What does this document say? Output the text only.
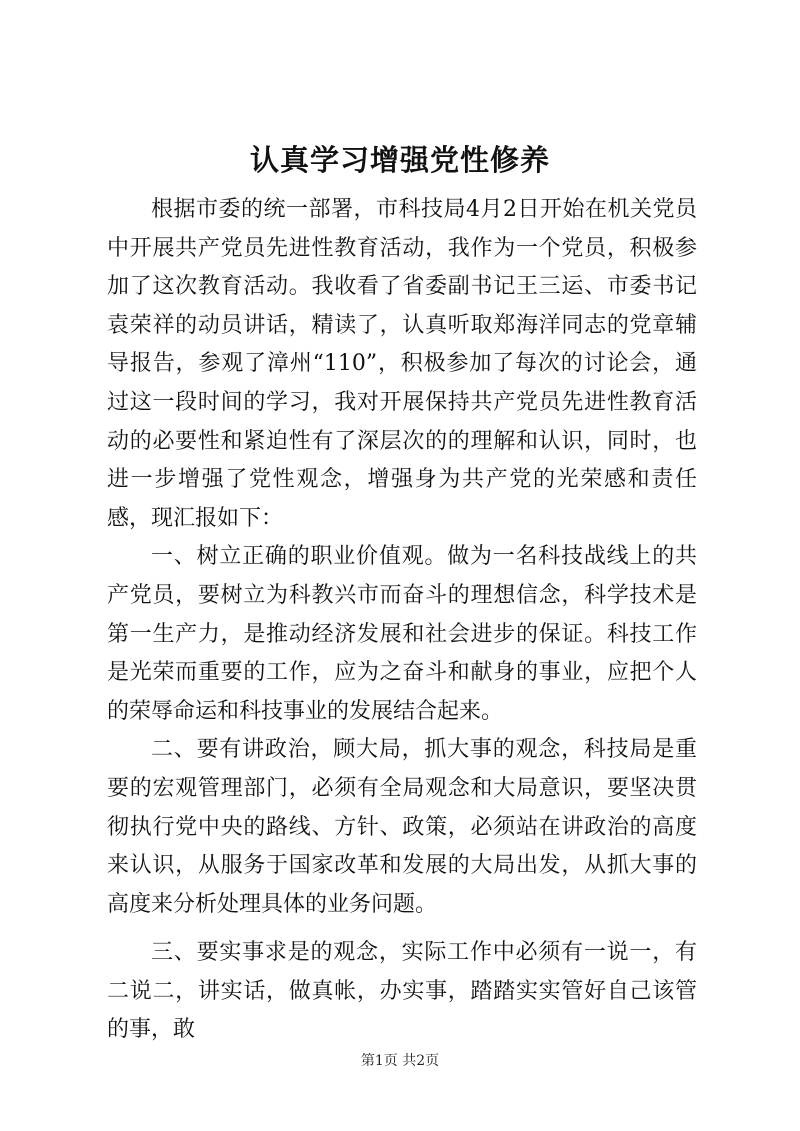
认真学习增强党性修养

根据市委的统一部署，市科技局4月2日开始在机关党员中开展共产党员先进性教育活动，我作为一个党员，积极参加了这次教育活动。我收看了省委副书记王三运、市委书记袁荣祥的动员讲话，精读了，认真听取郑海洋同志的党章辅导报告，参观了漳州“110”，积极参加了每次的讨论会，通过这一段时间的学习，我对开展保持共产党员先进性教育活动的必要性和紧迫性有了深层次的的理解和认识，同时，也进一步增强了党性观念，增强身为共产党的光荣感和责任感，现汇报如下：

一、树立正确的职业价值观。做为一名科技战线上的共产党员，要树立为科教兴市而奋斗的理想信念，科学技术是第一生产力，是推动经济发展和社会进步的保证。科技工作是光荣而重要的工作，应为之奋斗和献身的事业，应把个人的荣辱命运和科技事业的发展结合起来。

二、要有讲政治，顾大局，抓大事的观念，科技局是重要的宏观管理部门，必须有全局观念和大局意识，要坚决贯彻执行党中央的路线、方针、政策，必须站在讲政治的高度来认识，从服务于国家改革和发展的大局出发，从抓大事的高度来分析处理具体的业务问题。

三、要实事求是的观念，实际工作中必须有一说一，有二说二，讲实话，做真帐，办实事，踏踏实实管好自己该管的事，敢

第1页 共2页
